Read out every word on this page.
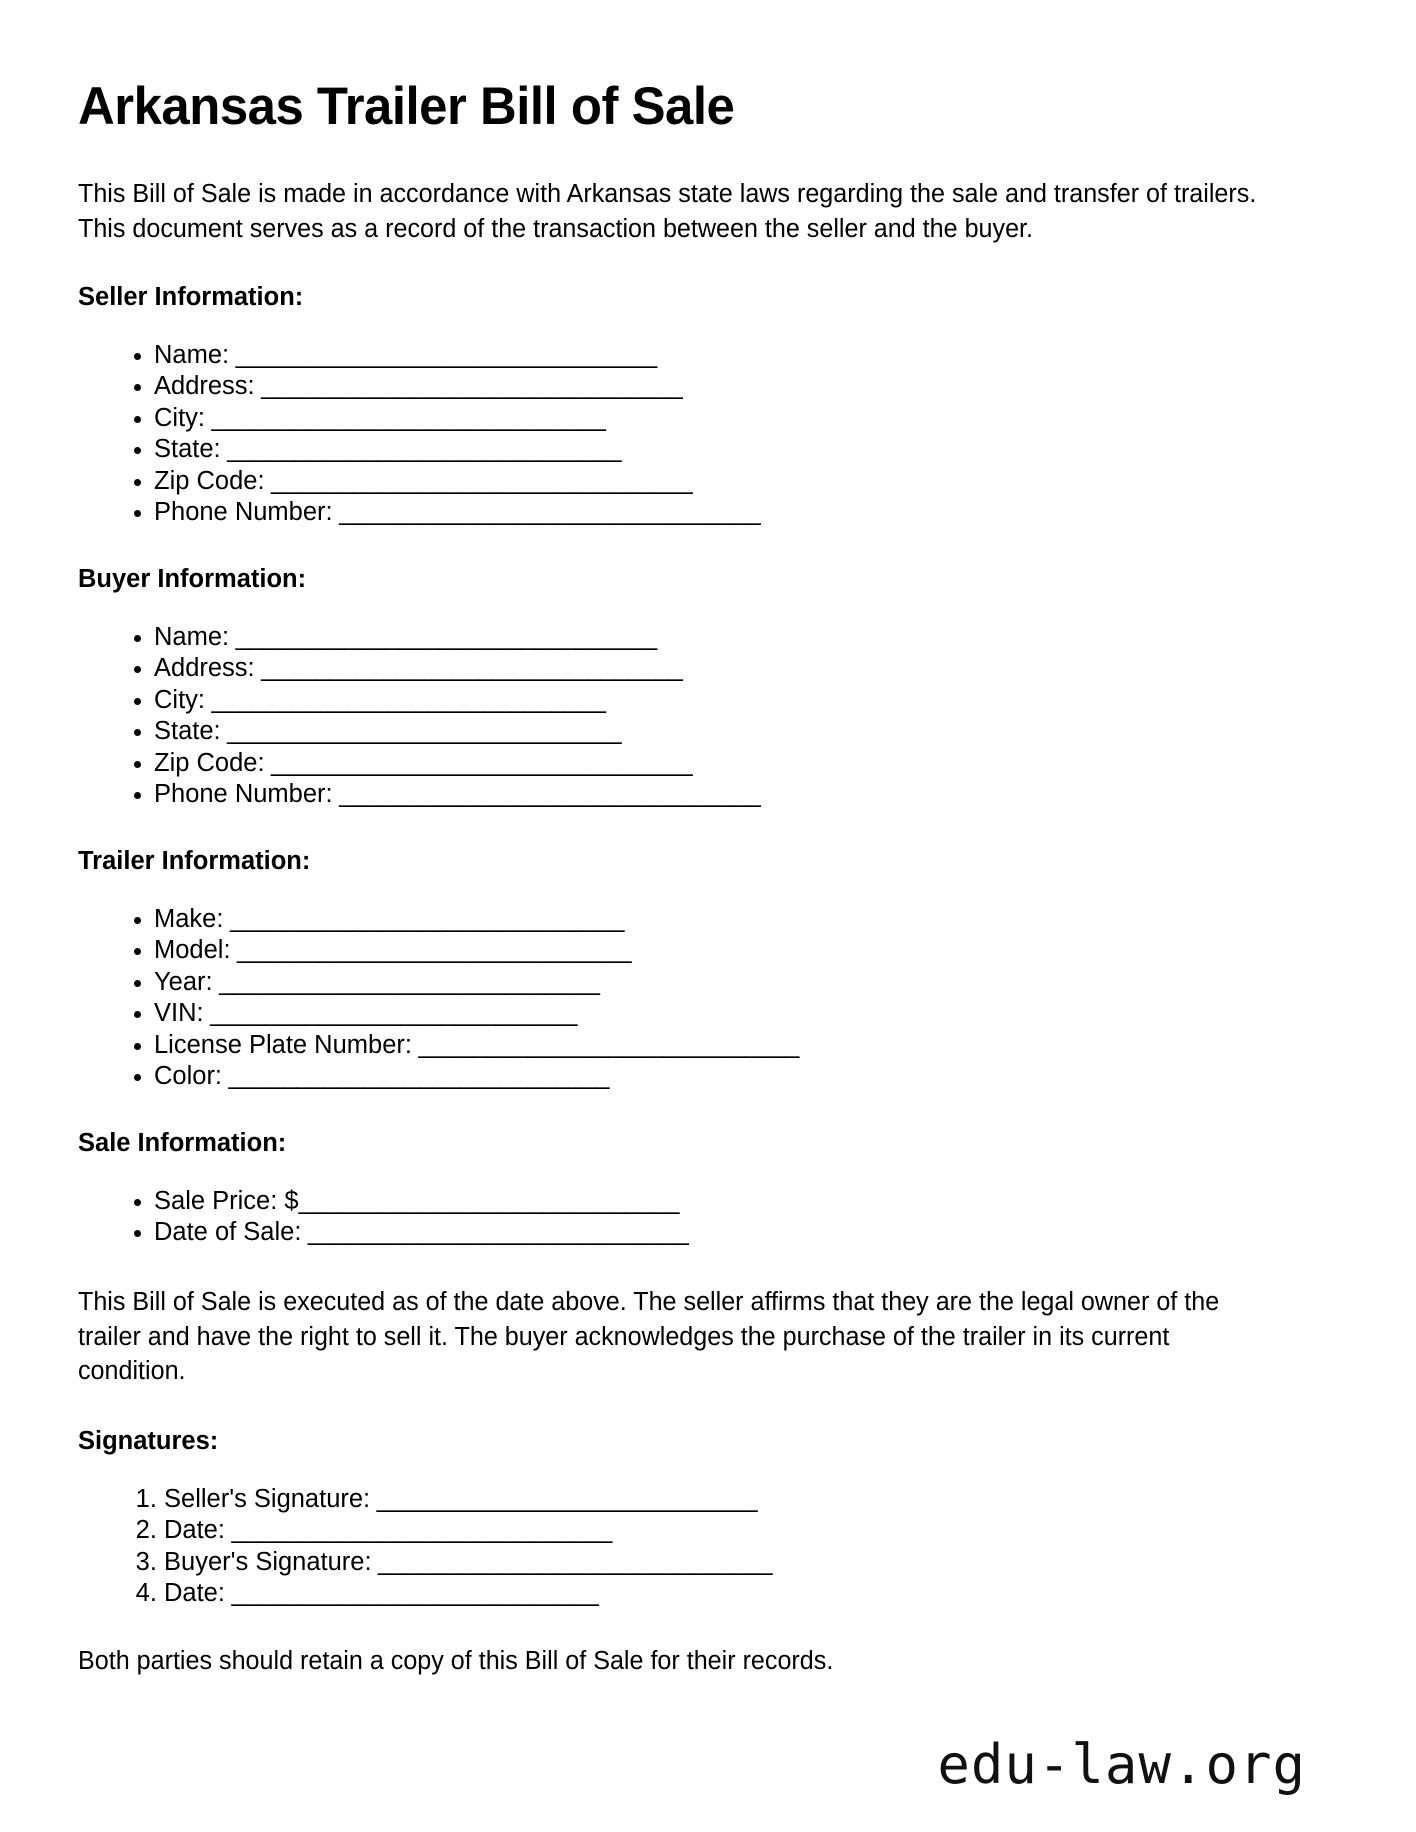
Arkansas Trailer Bill of Sale

This Bill of Sale is made in accordance with Arkansas state laws regarding the sale and transfer of trailers. This document serves as a record of the transaction between the seller and the buyer.

Seller Information:
• Name: _______________________________
• Address: _______________________________
• City: _____________________________
• State: _____________________________
• Zip Code: _______________________________
• Phone Number: _______________________________
Buyer Information:
• Name: _______________________________
• Address: _______________________________
• City: _____________________________
• State: _____________________________
• Zip Code: _______________________________
• Phone Number: _______________________________
Trailer Information:
• Make: _____________________________
• Model: _____________________________
• Year: ____________________________
• VIN: ___________________________
• License Plate Number: ____________________________
• Color: ____________________________
Sale Information:
• Sale Price: $____________________________
• Date of Sale: ____________________________

This Bill of Sale is executed as of the date above. The seller affirms that they are the legal owner of the trailer and have the right to sell it. The buyer acknowledges the purchase of the trailer in its current condition.

Signatures:
1. Seller's Signature: ____________________________
2. Date: ____________________________
3. Buyer's Signature: _____________________________
4. Date: ___________________________

Both parties should retain a copy of this Bill of Sale for their records.

edu-law.org
